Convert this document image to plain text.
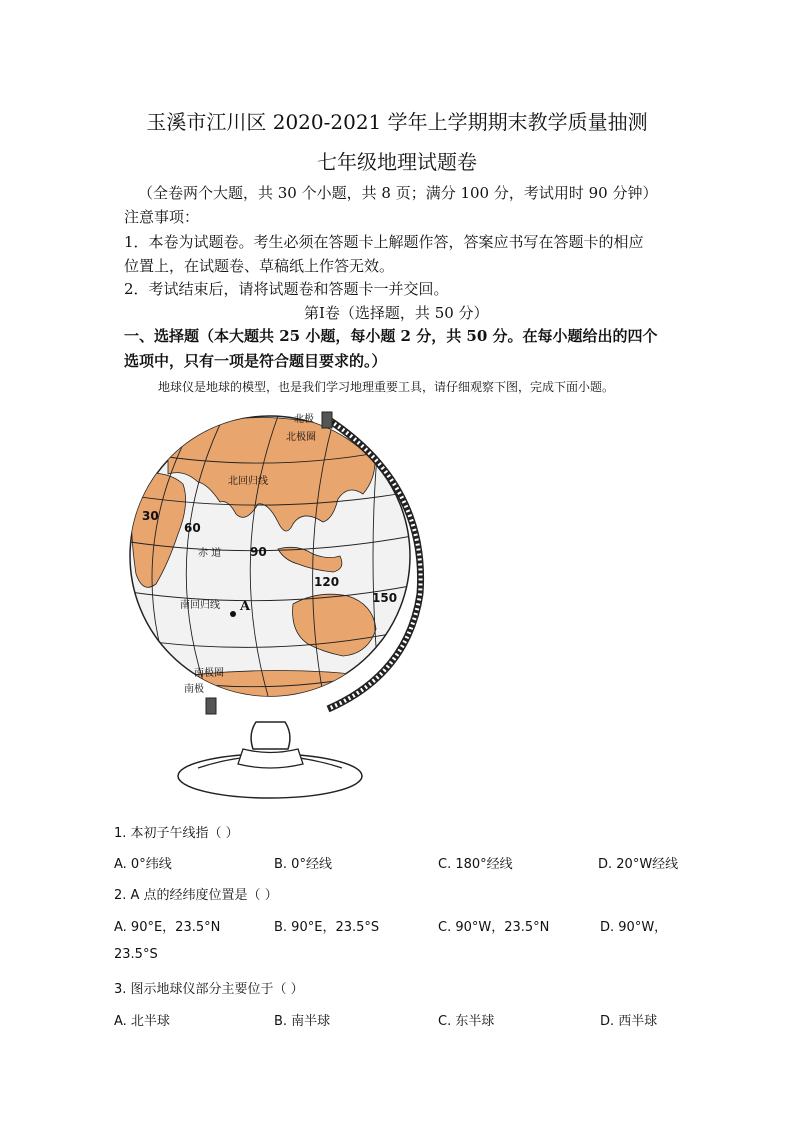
玉溪市江川区 2020-2021 学年上学期期末教学质量抽测
七年级地理试题卷
（全卷两个大题，共 30 个小题，共 8 页；满分 100 分，考试用时 90 分钟）
注意事项：
1．本卷为试题卷。考生必须在答题卡上解题作答，答案应书写在答题卡的相应
位置上，在试题卷、草稿纸上作答无效。
2．考试结束后，请将试题卷和答题卡一并交回。
第Ⅰ卷（选择题，共 50 分）
一、选择题（本大题共 25 小题，每小题 2 分，共 50 分。在每小题给出的四个
选项中，只有一项是符合题目要求的。）
地球仪是地球的模型，也是我们学习地理重要工具，请仔细观察下图，完成下面小题。
北极
北极圈
北回归线
赤 道
南回归线
南极圈
南极
30
60
90
120
150
A
1. 本初子午线指（ ）
A. 0°纬线	B. 0°经线	C. 180°经线	D. 20°W经线
2. A 点的经纬度位置是（ ）
A. 90°E，23.5°N	B. 90°E，23.5°S	C. 90°W，23.5°N	D. 90°W，
23.5°S
3. 图示地球仪部分主要位于（ ）
A. 北半球	B. 南半球	C. 东半球	D. 西半球
